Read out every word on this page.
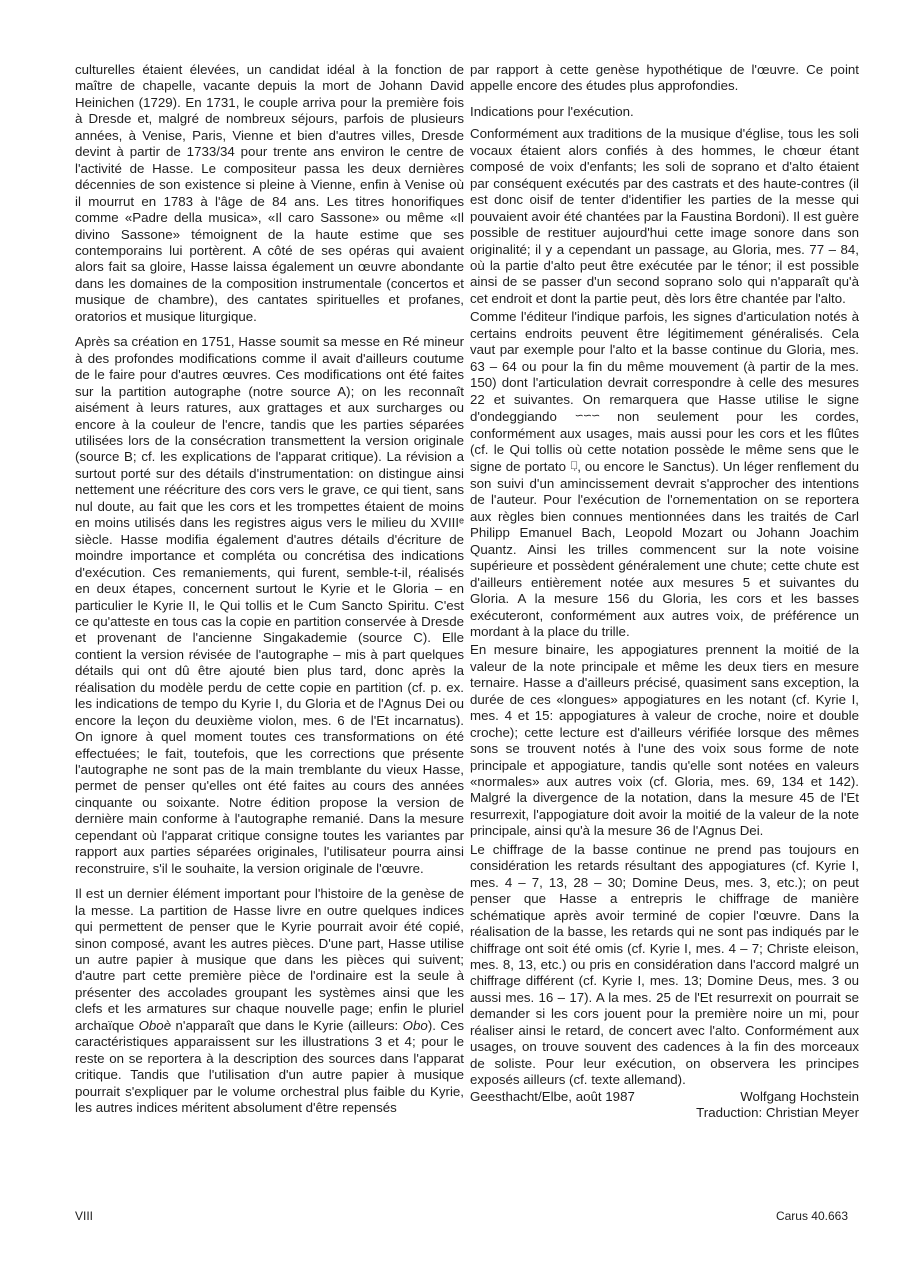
culturelles étaient élevées, un candidat idéal à la fonction de maître de chapelle, vacante depuis la mort de Johann David Heinichen (1729). En 1731, le couple arriva pour la première fois à Dresde et, malgré de nombreux séjours, parfois de plusieurs années, à Venise, Paris, Vienne et bien d'autres villes, Dresde devint à partir de 1733/34 pour trente ans environ le centre de l'activité de Hasse. Le compositeur passa les deux dernières décennies de son existence si pleine à Vienne, enfin à Venise où il mourrut en 1783 à l'âge de 84 ans. Les titres honorifiques comme «Padre della musica», «Il caro Sassone» ou même «Il divino Sassone» témoignent de la haute estime que ses contemporains lui portèrent. A côté de ses opéras qui avaient alors fait sa gloire, Hasse laissa également un œuvre abondante dans les domaines de la composition instrumentale (concertos et musique de chambre), des cantates spirituelles et profanes, oratorios et musique liturgique.

Après sa création en 1751, Hasse soumit sa messe en Ré mineur à des profondes modifications comme il avait d'ailleurs coutume de le faire pour d'autres œuvres. Ces modifications ont été faites sur la partition autographe (notre source A); on les reconnaît aisément à leurs ratures, aux grattages et aux surcharges ou encore à la couleur de l'encre, tandis que les parties séparées utilisées lors de la consécration transmettent la version originale (source B; cf. les explications de l'apparat critique). La révision a surtout porté sur des détails d'instrumentation: on distingue ainsi nettement une réécriture des cors vers le grave, ce qui tient, sans nul doute, au fait que les cors et les trompettes étaient de moins en moins utilisés dans les registres aigus vers le milieu du XVIIIᵉ siècle. Hasse modifia également d'autres détails d'écriture de moindre importance et compléta ou concrétisa des indications d'exécution. Ces remaniements, qui furent, semble-t-il, réalisés en deux étapes, concernent surtout le Kyrie et le Gloria – en particulier le Kyrie II, le Qui tollis et le Cum Sancto Spiritu. C'est ce qu'atteste en tous cas la copie en partition conservée à Dresde et provenant de l'ancienne Singakademie (source C). Elle contient la version révisée de l'autographe – mis à part quelques détails qui ont dû être ajouté bien plus tard, donc après la réalisation du modèle perdu de cette copie en partition (cf. p. ex. les indications de tempo du Kyrie I, du Gloria et de l'Agnus Dei ou encore la leçon du deuxième violon, mes. 6 de l'Et incarnatus). On ignore à quel moment toutes ces transformations on été effectuées; le fait, toutefois, que les corrections que présente l'autographe ne sont pas de la main tremblante du vieux Hasse, permet de penser qu'elles ont été faites au cours des années cinquante ou soixante. Notre édition propose la version de dernière main conforme à l'autographe remanié. Dans la mesure cependant où l'apparat critique consigne toutes les variantes par rapport aux parties séparées originales, l'utilisateur pourra ainsi reconstruire, s'il le souhaite, la version originale de l'œuvre.

Il est un dernier élément important pour l'histoire de la genèse de la messe. La partition de Hasse livre en outre quelques indices qui permettent de penser que le Kyrie pourrait avoir été copié, sinon composé, avant les autres pièces. D'une part, Hasse utilise un autre papier à musique que dans les pièces qui suivent; d'autre part cette première pièce de l'ordinaire est la seule à présenter des accolades groupant les systèmes ainsi que les clefs et les armatures sur chaque nouvelle page; enfin le pluriel archaïque Oboè n'apparaît que dans le Kyrie (ailleurs: Obo). Ces caractéristiques apparaissent sur les illustrations 3 et 4; pour le reste on se reportera à la description des sources dans l'apparat critique. Tandis que l'utilisation d'un autre papier à musique pourrait s'expliquer par le volume orchestral plus faible du Kyrie, les autres indices méritent absolument d'être repensés

par rapport à cette genèse hypothétique de l'œuvre. Ce point appelle encore des études plus approfondies.

Indications pour l'exécution.

Conformément aux traditions de la musique d'église, tous les soli vocaux étaient alors confiés à des hommes, le chœur étant composé de voix d'enfants; les soli de soprano et d'alto étaient par conséquent exécutés par des castrats et des haute-contres (il est donc oisif de tenter d'identifier les parties de la messe qui pouvaient avoir été chantées par la Faustina Bordoni). Il est guère possible de restituer aujourd'hui cette image sonore dans son originalité; il y a cependant un passage, au Gloria, mes. 77 – 84, où la partie d'alto peut être exécutée par le ténor; il est possible ainsi de se passer d'un second soprano solo qui n'apparaît qu'à cet endroit et dont la partie peut, dès lors être chantée par l'alto.

Comme l'éditeur l'indique parfois, les signes d'articulation notés à certains endroits peuvent être légitimement généralisés. Cela vaut par exemple pour l'alto et la basse continue du Gloria, mes. 63 – 64 ou pour la fin du même mouvement (à partir de la mes. 150) dont l'articulation devrait correspondre à celle des mesures 22 et suivantes. On remarquera que Hasse utilise le signe d'ondeggiando ∽∽∽ non seulement pour les cordes, conformément aux usages, mais aussi pour les cors et les flûtes (cf. le Qui tollis où cette notation possède le même sens que le signe de portato ⌒̣̣̣, ou encore le Sanctus). Un léger renflement du son suivi d'un amincissement devrait s'approcher des intentions de l'auteur. Pour l'exécution de l'ornementation on se reportera aux règles bien connues mentionnées dans les traités de Carl Philipp Emanuel Bach, Leopold Mozart ou Johann Joachim Quantz. Ainsi les trilles commencent sur la note voisine supérieure et possèdent généralement une chute; cette chute est d'ailleurs entièrement notée aux mesures 5 et suivantes du Gloria. A la mesure 156 du Gloria, les cors et les basses exécuteront, conformément aux autres voix, de préférence un mordant à la place du trille.

En mesure binaire, les appogiatures prennent la moitié de la valeur de la note principale et même les deux tiers en mesure ternaire. Hasse a d'ailleurs précisé, quasiment sans exception, la durée de ces «longues» appogiatures en les notant (cf. Kyrie I, mes. 4 et 15: appogiatures à valeur de croche, noire et double croche); cette lecture est d'ailleurs vérifiée lorsque des mêmes sons se trouvent notés à l'une des voix sous forme de note principale et appogiature, tandis qu'elle sont notées en valeurs «normales» aux autres voix (cf. Gloria, mes. 69, 134 et 142). Malgré la divergence de la notation, dans la mesure 45 de l'Et resurrexit, l'appogiature doit avoir la moitié de la valeur de la note principale, ainsi qu'à la mesure 36 de l'Agnus Dei.

Le chiffrage de la basse continue ne prend pas toujours en considération les retards résultant des appogiatures (cf. Kyrie I, mes. 4 – 7, 13, 28 – 30; Domine Deus, mes. 3, etc.); on peut penser que Hasse a entrepris le chiffrage de manière schématique après avoir terminé de copier l'œuvre. Dans la réalisation de la basse, les retards qui ne sont pas indiqués par le chiffrage ont soit été omis (cf. Kyrie I, mes. 4 – 7; Christe eleison, mes. 8, 13, etc.) ou pris en considération dans l'accord malgré un chiffrage différent (cf. Kyrie I, mes. 13; Domine Deus, mes. 3 ou aussi mes. 16 – 17). A la mes. 25 de l'Et resurrexit on pourrait se demander si les cors jouent pour la première noire un mi, pour réaliser ainsi le retard, de concert avec l'alto. Conformément aux usages, on trouve souvent des cadences à la fin des morceaux de soliste. Pour leur exécution, on observera les principes exposés ailleurs (cf. texte allemand).

Geesthacht/Elbe, août 1987	Wolfgang Hochstein
Traduction: Christian Meyer
VIII	Carus 40.663
